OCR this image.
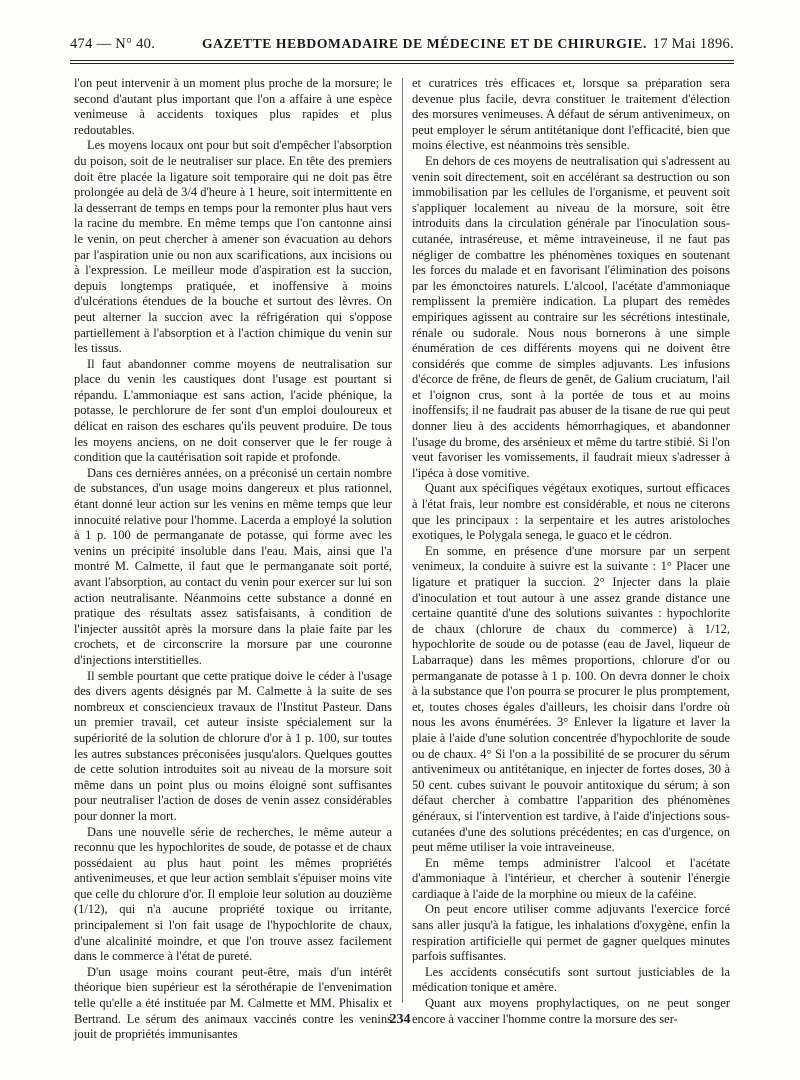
474 — N° 40.	GAZETTE HEBDOMADAIRE DE MÉDECINE ET DE CHIRURGIE. 17 Mai 1896.

l'on peut intervenir à un moment plus proche de la morsure; le second d'autant plus important que l'on a affaire à une espèce venimeuse à accidents toxiques plus rapides et plus redoutables.

Les moyens locaux ont pour but soit d'empêcher l'absorption du poison, soit de le neutraliser sur place. En tête des premiers doit être placée la ligature soit temporaire qui ne doit pas être prolongée au delà de 3/4 d'heure à 1 heure, soit intermittente en la desserrant de temps en temps pour la remonter plus haut vers la racine du membre. En même temps que l'on cantonne ainsi le venin, on peut chercher à amener son évacuation au dehors par l'aspiration unie ou non aux scarifications, aux incisions ou à l'expression. Le meilleur mode d'aspiration est la succion, depuis longtemps pratiquée, et inoffensive à moins d'ulcérations étendues de la bouche et surtout des lèvres. On peut alterner la succion avec la réfrigération qui s'oppose partiellement à l'absorption et à l'action chimique du venin sur les tissus.

Il faut abandonner comme moyens de neutralisation sur place du venin les caustiques dont l'usage est pourtant si répandu. L'ammoniaque est sans action, l'acide phénique, la potasse, le perchlorure de fer sont d'un emploi douloureux et délicat en raison des eschares qu'ils peuvent produire. De tous les moyens anciens, on ne doit conserver que le fer rouge à condition que la cautérisation soit rapide et profonde.

Dans ces dernières années, on a préconisé un certain nombre de substances, d'un usage moins dangereux et plus rationnel, étant donné leur action sur les venins en même temps que leur innocuité relative pour l'homme. Lacerda a employé la solution à 1 p. 100 de permanganate de potasse, qui forme avec les venins un précipité insoluble dans l'eau. Mais, ainsi que l'a montré M. Calmette, il faut que le permanganate soit porté, avant l'absorption, au contact du venin pour exercer sur lui son action neutralisante. Néanmoins cette substance a donné en pratique des résultats assez satisfaisants, à condition de l'injecter aussitôt après la morsure dans la plaie faite par les crochets, et de circonscrire la morsure par une couronne d'injections interstitielles.

Il semble pourtant que cette pratique doive le céder à l'usage des divers agents désignés par M. Calmette à la suite de ses nombreux et consciencieux travaux de l'Institut Pasteur. Dans un premier travail, cet auteur insiste spécialement sur la supériorité de la solution de chlorure d'or à 1 p. 100, sur toutes les autres substances préconisées jusqu'alors. Quelques gouttes de cette solution introduites soit au niveau de la morsure soit même dans un point plus ou moins éloigné sont suffisantes pour neutraliser l'action de doses de venin assez considérables pour donner la mort.

Dans une nouvelle série de recherches, le même auteur a reconnu que les hypochlorites de soude, de potasse et de chaux possédaient au plus haut point les mêmes propriétés antivenimeuses, et que leur action semblait s'épuiser moins vite que celle du chlorure d'or. Il emploie leur solution au douzième (1/12), qui n'a aucune propriété toxique ou irritante, principalement si l'on fait usage de l'hypochlorite de chaux, d'une alcalinité moindre, et que l'on trouve assez facilement dans le commerce à l'état de pureté.

D'un usage moins courant peut-être, mais d'un intérêt théorique bien supérieur est la sérothérapie de l'envenimation telle qu'elle a été instituée par M. Calmette et MM. Phisalix et Bertrand. Le sérum des animaux vaccinés contre les venins jouit de propriétés immunisantes

et curatrices très efficaces et, lorsque sa préparation sera devenue plus facile, devra constituer le traitement d'élection des morsures venimeuses. A défaut de sérum antivenimeux, on peut employer le sérum antitétanique dont l'efficacité, bien que moins élective, est néanmoins très sensible.

En dehors de ces moyens de neutralisation qui s'adressent au venin soit directement, soit en accélérant sa destruction ou son immobilisation par les cellules de l'organisme, et peuvent soit s'appliquer localement au niveau de la morsure, soit être introduits dans la circulation générale par l'inoculation sous-cutanée, intraséreuse, et même intraveineuse, il ne faut pas négliger de combattre les phénomènes toxiques en soutenant les forces du malade et en favorisant l'élimination des poisons par les émonctoires naturels. L'alcool, l'acétate d'ammoniaque remplissent la première indication. La plupart des remèdes empiriques agissent au contraire sur les sécrétions intestinale, rénale ou sudorale. Nous nous bornerons à une simple énumération de ces différents moyens qui ne doivent être considérés que comme de simples adjuvants. Les infusions d'écorce de frêne, de fleurs de genêt, de Galium cruciatum, l'ail et l'oignon crus, sont à la portée de tous et au moins inoffensifs; il ne faudrait pas abuser de la tisane de rue qui peut donner lieu à des accidents hémorrhagiques, et abandonner l'usage du brome, des arsénieux et même du tartre stibié. Si l'on veut favoriser les vomissements, il faudrait mieux s'adresser à l'ipéca à dose vomitive.

Quant aux spécifiques végétaux exotiques, surtout efficaces à l'état frais, leur nombre est considérable, et nous ne citerons que les principaux : la serpentaire et les autres aristoloches exotiques, le Polygala senega, le guaco et le cédron.

En somme, en présence d'une morsure par un serpent venimeux, la conduite à suivre est la suivante : 1° Placer une ligature et pratiquer la succion. 2° Injecter dans la plaie d'inoculation et tout autour à une assez grande distance une certaine quantité d'une des solutions suivantes : hypochlorite de chaux (chlorure de chaux du commerce) à 1/12, hypochlorite de soude ou de potasse (eau de Javel, liqueur de Labarraque) dans les mêmes proportions, chlorure d'or ou permanganate de potasse à 1 p. 100. On devra donner le choix à la substance que l'on pourra se procurer le plus promptement, et, toutes choses égales d'ailleurs, les choisir dans l'ordre où nous les avons énumérées. 3° Enlever la ligature et laver la plaie à l'aide d'une solution concentrée d'hypochlorite de soude ou de chaux. 4° Si l'on a la possibilité de se procurer du sérum antivenimeux ou antitétanique, en injecter de fortes doses, 30 à 50 cent. cubes suivant le pouvoir antitoxique du sérum; à son défaut chercher à combattre l'apparition des phénomènes généraux, si l'intervention est tardive, à l'aide d'injections sous-cutanées d'une des solutions précédentes; en cas d'urgence, on peut même utiliser la voie intraveineuse.

En même temps administrer l'alcool et l'acétate d'ammoniaque à l'intérieur, et chercher à soutenir l'énergie cardiaque à l'aide de la morphine ou mieux de la caféine.

On peut encore utiliser comme adjuvants l'exercice forcé sans aller jusqu'à la fatigue, les inhalations d'oxygène, enfin la respiration artificielle qui permet de gagner quelques minutes parfois suffisantes.

Les accidents consécutifs sont surtout justiciables de la médication tonique et amère.

Quant aux moyens prophylactiques, on ne peut songer encore à vacciner l'homme contre la morsure des ser-

234
